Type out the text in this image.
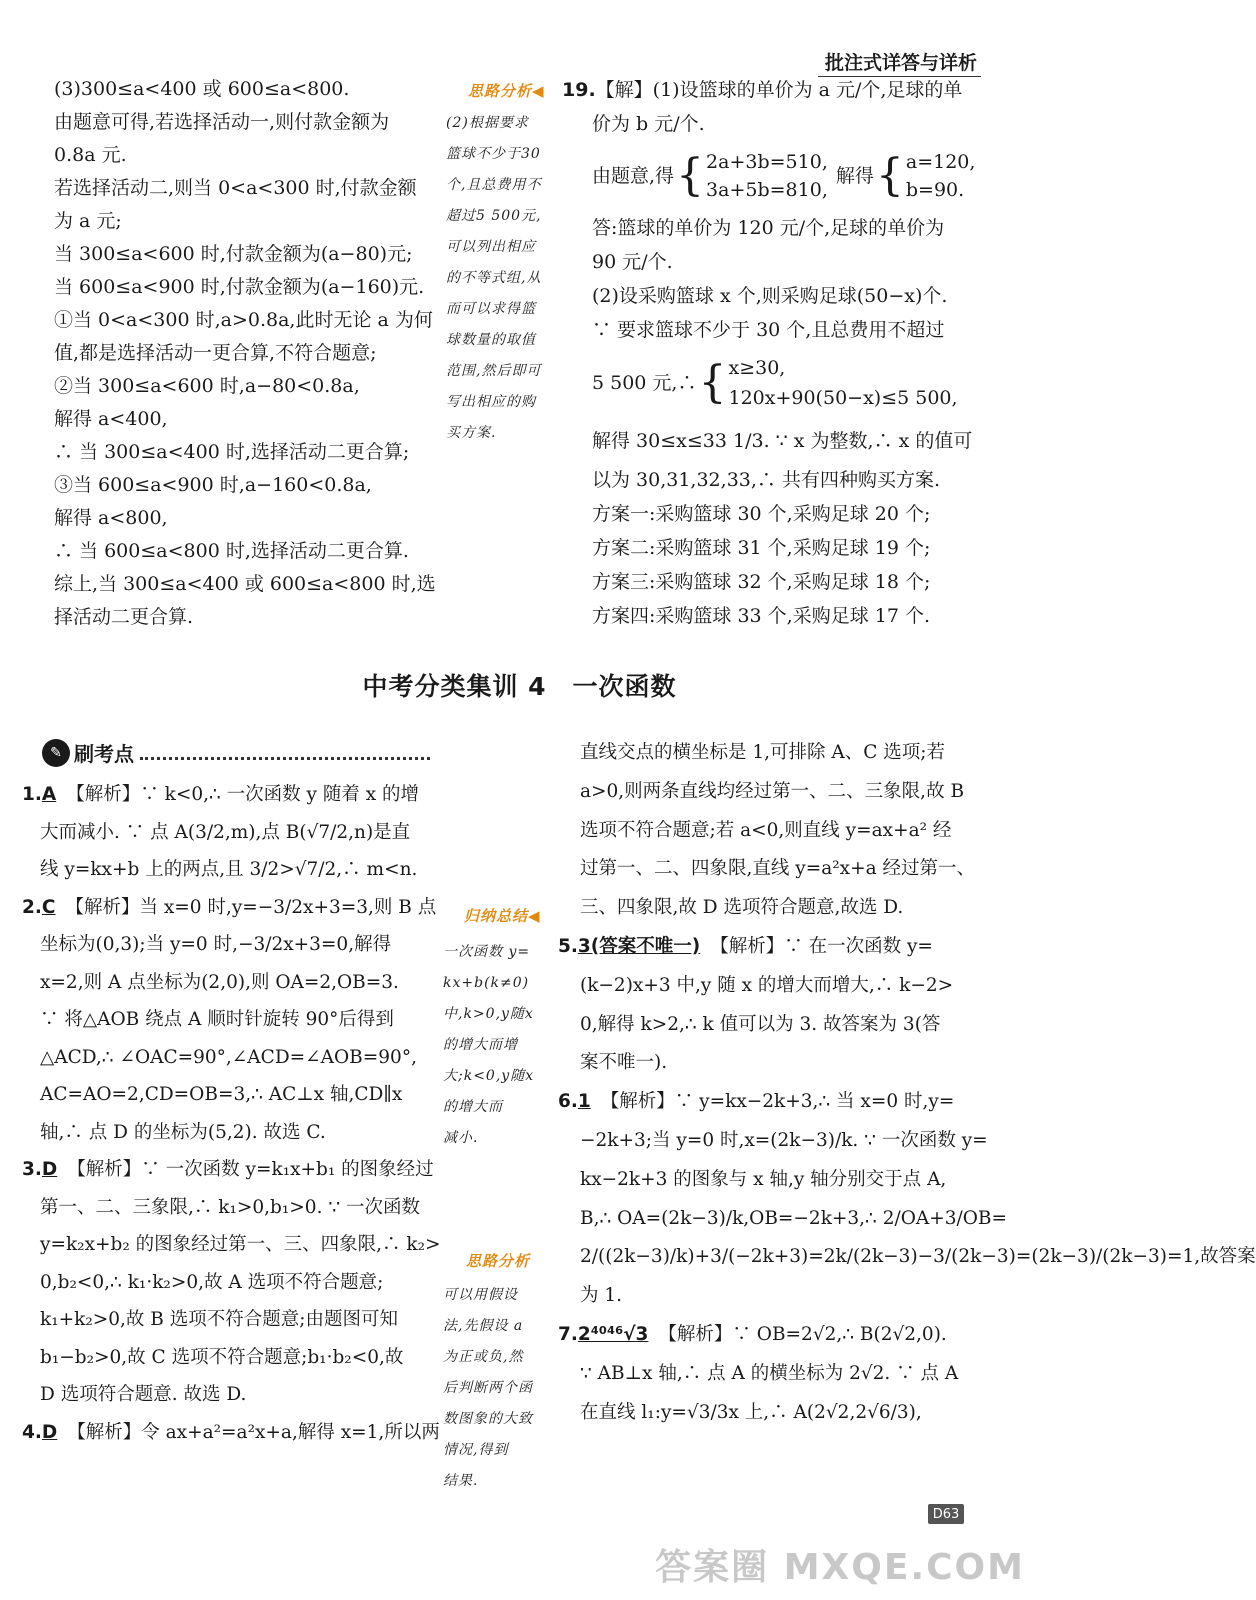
批注式详答与详析
(3)300≤a<400 或 600≤a<800.
由题意可得,若选择活动一,则付款金额为
0.8a 元.
若选择活动二,则当 0<a<300 时,付款金额
为 a 元;
当 300≤a<600 时,付款金额为(a−80)元;
当 600≤a<900 时,付款金额为(a−160)元.
①当 0<a<300 时,a>0.8a,此时无论 a 为何
值,都是选择活动一更合算,不符合题意;
②当 300≤a<600 时,a−80<0.8a,
解得 a<400,
∴ 当 300≤a<400 时,选择活动二更合算;
③当 600≤a<900 时,a−160<0.8a,
解得 a<800,
∴ 当 600≤a<800 时,选择活动二更合算.
综上,当 300≤a<400 或 600≤a<800 时,选
择活动二更合算.
思路分析◀
(2)根据要求
篮球不少于30
个,且总费用不
超过5 500元,
可以列出相应
的不等式组,从
而可以求得篮
球数量的取值
范围,然后即可
写出相应的购
买方案.
19.【解】(1)设篮球的单价为 a 元/个,足球的单
价为 b 元/个.
由题意,得 { 2a+3b=510,
3a+5b=810,
解得 { a=120,
b=90.
答:篮球的单价为 120 元/个,足球的单价为
90 元/个.
(2)设采购篮球 x 个,则采购足球(50−x)个.
∵ 要求篮球不少于 30 个,且总费用不超过
5 500 元,∴ { x≥30,
120x+90(50−x)≤5 500,
解得 30≤x≤33 1/3. ∵ x 为整数,∴ x 的值可
以为 30,31,32,33,∴ 共有四种购买方案.
方案一:采购篮球 30 个,采购足球 20 个;
方案二:采购篮球 31 个,采购足球 19 个;
方案三:采购篮球 32 个,采购足球 18 个;
方案四:采购篮球 33 个,采购足球 17 个.
中考分类集训 4　一次函数
✎ 刷考点
1.A 【解析】∵ k<0,∴ 一次函数 y 随着 x 的增
大而减小. ∵ 点 A(3/2,m),点 B(√7/2,n)是直
线 y=kx+b 上的两点,且 3/2>√7/2,∴ m<n.
2.C 【解析】当 x=0 时,y=−3/2x+3=3,则 B 点
坐标为(0,3);当 y=0 时,−3/2x+3=0,解得
x=2,则 A 点坐标为(2,0),则 OA=2,OB=3.
∵ 将△AOB 绕点 A 顺时针旋转 90°后得到
△ACD,∴ ∠OAC=90°,∠ACD=∠AOB=90°,
AC=AO=2,CD=OB=3,∴ AC⊥x 轴,CD∥x
轴,∴ 点 D 的坐标为(5,2). 故选 C.
3.D 【解析】∵ 一次函数 y=k₁x+b₁ 的图象经过
第一、二、三象限,∴ k₁>0,b₁>0. ∵ 一次函数
y=k₂x+b₂ 的图象经过第一、三、四象限,∴ k₂>
0,b₂<0,∴ k₁·k₂>0,故 A 选项不符合题意;
k₁+k₂>0,故 B 选项不符合题意;由题图可知
b₁−b₂>0,故 C 选项不符合题意;b₁·b₂<0,故
D 选项符合题意. 故选 D.
4.D 【解析】令 ax+a²=a²x+a,解得 x=1,所以两
归纳总结◀
一次函数 y=
kx+b(k≠0)
中,k>0,y随x
的增大而增
大;k<0,y随x
的增大而
减小.
思路分析
可以用假设
法,先假设 a
为正或负,然
后判断两个函
数图象的大致
情况,得到
结果.
直线交点的横坐标是 1,可排除 A、C 选项;若
a>0,则两条直线均经过第一、二、三象限,故 B
选项不符合题意;若 a<0,则直线 y=ax+a² 经
过第一、二、四象限,直线 y=a²x+a 经过第一、
三、四象限,故 D 选项符合题意,故选 D.
5.3(答案不唯一) 【解析】∵ 在一次函数 y=
(k−2)x+3 中,y 随 x 的增大而增大,∴ k−2>
0,解得 k>2,∴ k 值可以为 3. 故答案为 3(答
案不唯一).
6.1 【解析】∵ y=kx−2k+3,∴ 当 x=0 时,y=
−2k+3;当 y=0 时,x=(2k−3)/k. ∵ 一次函数 y=
kx−2k+3 的图象与 x 轴,y 轴分别交于点 A,
B,∴ OA=(2k−3)/k,OB=−2k+3,∴ 2/OA+3/OB=
2/((2k−3)/k)+3/(−2k+3)=2k/(2k−3)−3/(2k−3)=(2k−3)/(2k−3)=1,故答案
为 1.
7.2⁴⁰⁴⁶√3 【解析】∵ OB=2√2,∴ B(2√2,0).
∵ AB⊥x 轴,∴ 点 A 的横坐标为 2√2. ∵ 点 A
在直线 l₁:y=√3/3x 上,∴ A(2√2,2√6/3),
D63
答案圈 MXQE.COM
